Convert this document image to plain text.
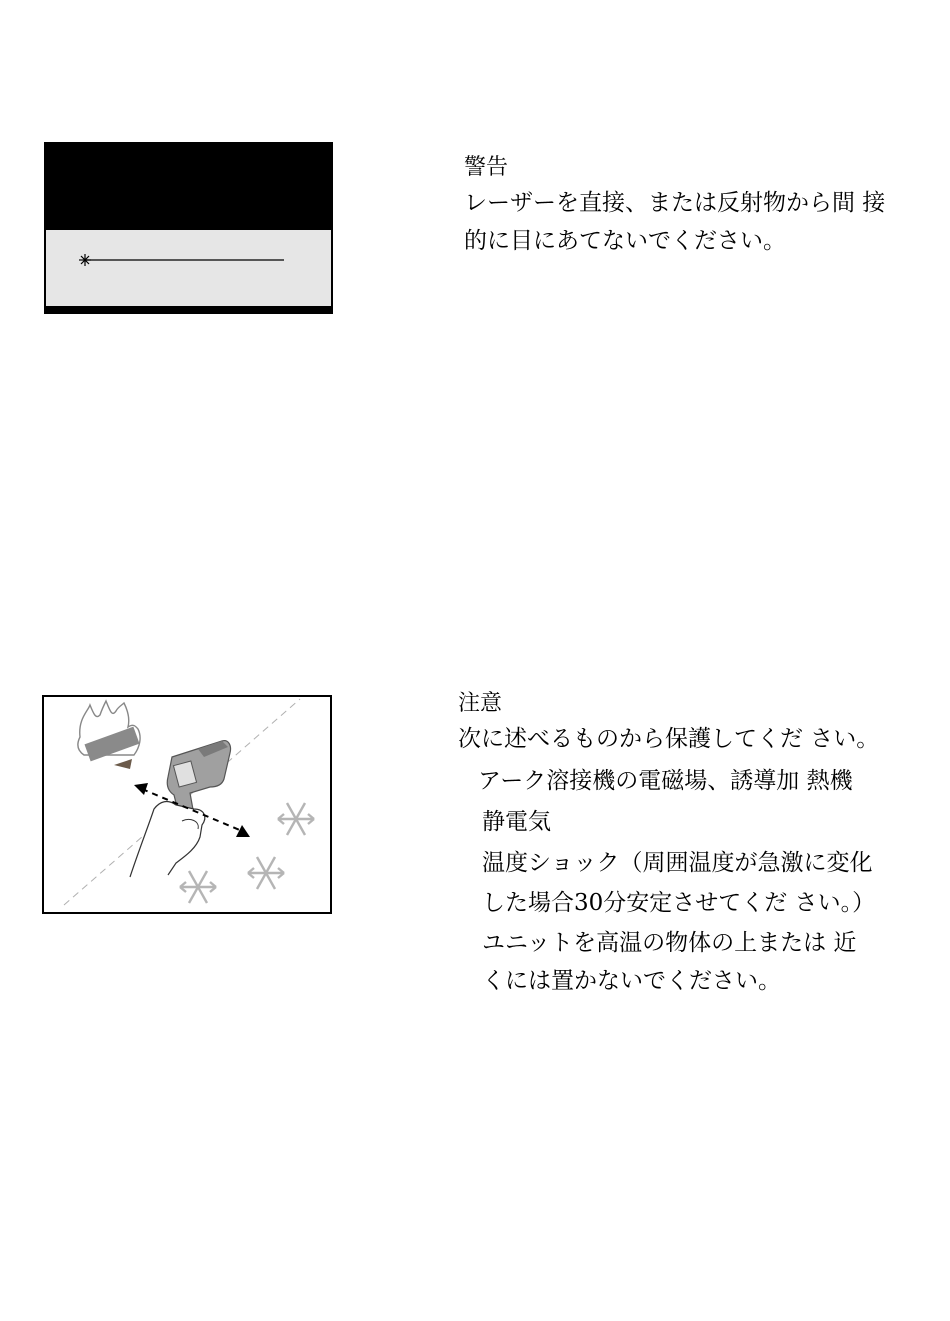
警告
レーザーを直接、または反射物から間 接
的に目にあてないでください。
注意
次に述べるものから保護してくだ さい。
アーク溶接機の電磁場、誘導加 熱機
静電気
温度ショック（周囲温度が急激に変化
した場合30分安定させてくだ さい。）
ユニットを高温の物体の上または 近
くには置かないでください。
